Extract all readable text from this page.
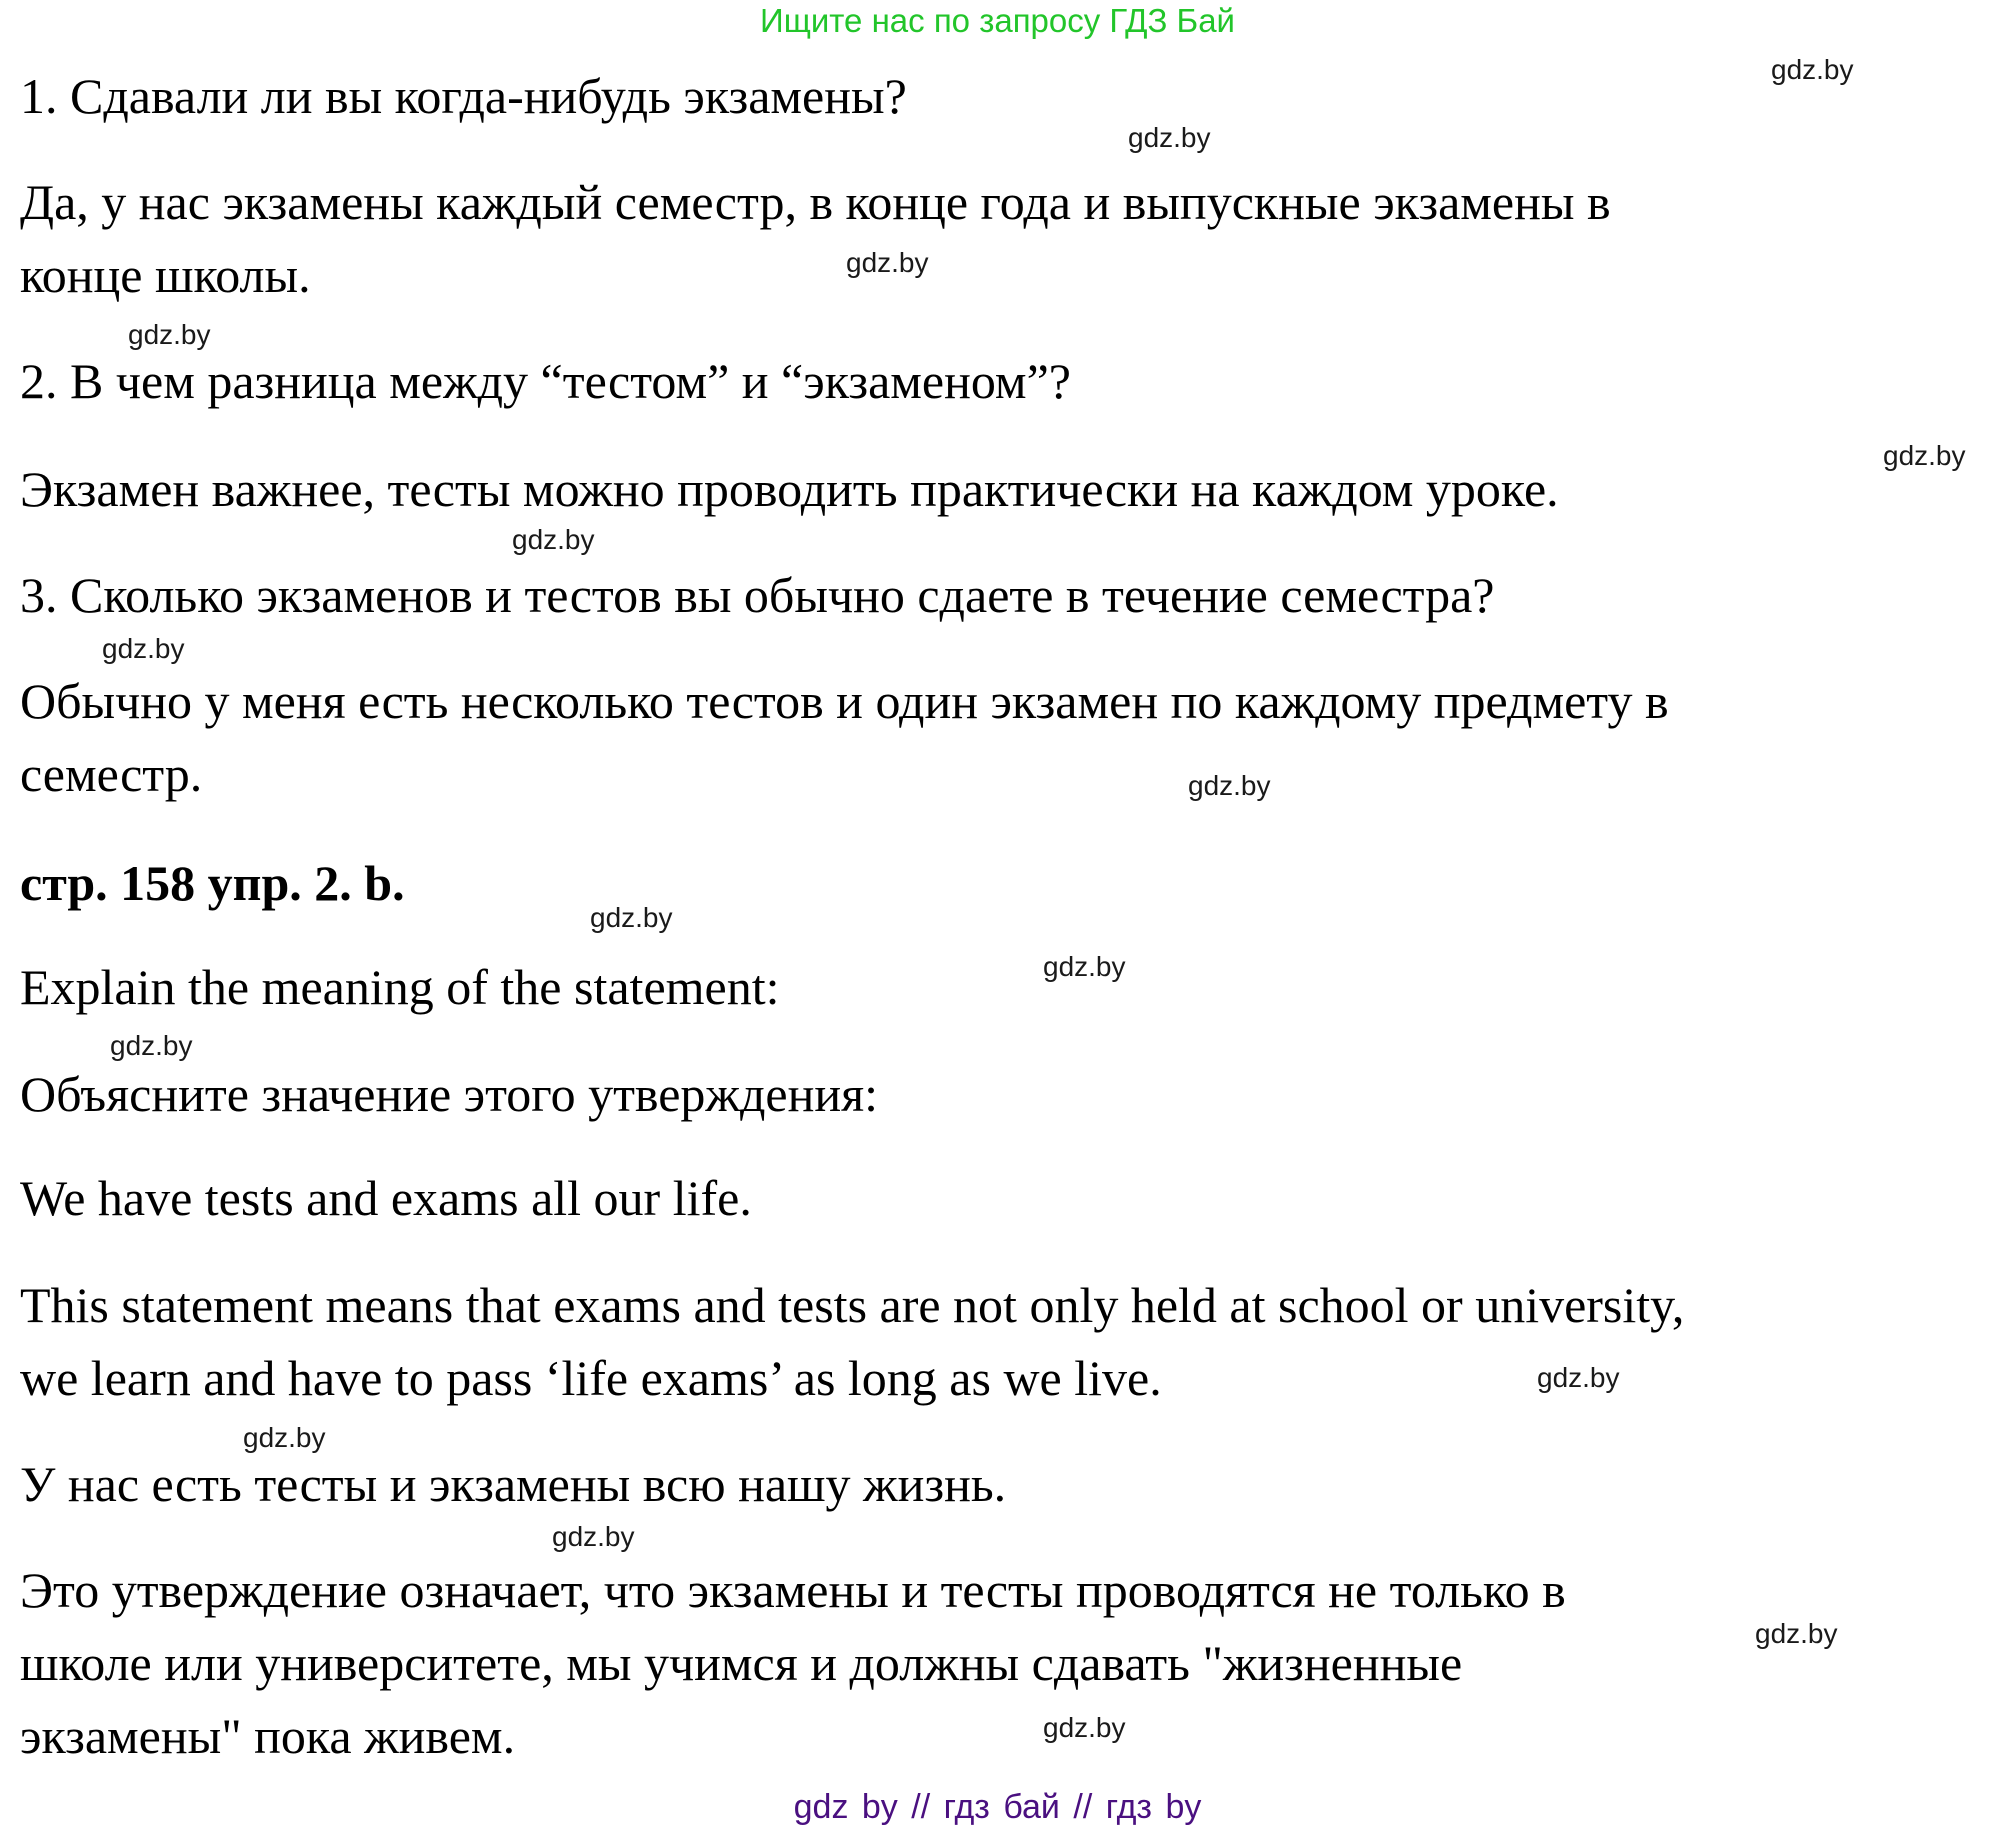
Ищите нас по запросу ГДЗ Бай
1. Сдавали ли вы когда-нибудь экзамены?
Да, у нас экзамены каждый семестр, в конце года и выпускные экзамены в
конце школы.
2. В чем разница между “тестом” и “экзаменом”?
Экзамен важнее, тесты можно проводить практически на каждом уроке.
3. Сколько экзаменов и тестов вы обычно сдаете в течение семестра?
Обычно у меня есть несколько тестов и один экзамен по каждому предмету в
семестр.
стр. 158 упр. 2. b.
Explain the meaning of the statement:
Объясните значение этого утверждения:
We have tests and exams all our life.
This statement means that exams and tests are not only held at school or university,
we learn and have to pass ‘life exams’ as long as we live.
У нас есть тесты и экзамены всю нашу жизнь.
Это утверждение означает, что экзамены и тесты проводятся не только в
школе или университете, мы учимся и должны сдавать "жизненные
экзамены" пока живем.
gdz.by
gdz.by
gdz.by
gdz.by
gdz.by
gdz.by
gdz.by
gdz.by
gdz.by
gdz.by
gdz.by
gdz.by
gdz.by
gdz.by
gdz.by
gdz.by
gdz by // гдз бай // гдз by
